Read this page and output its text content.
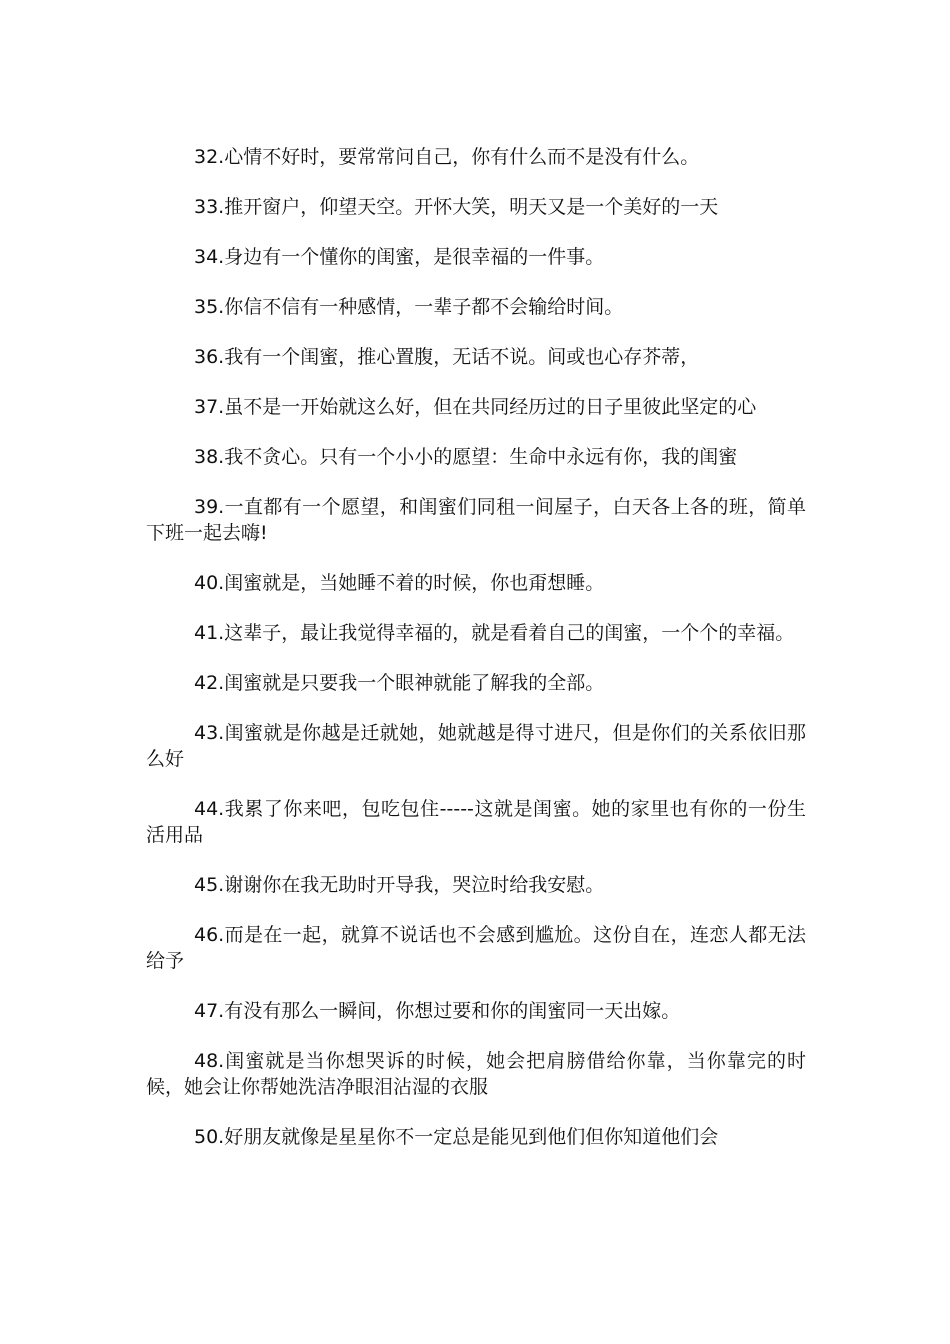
32.心情不好时，要常常问自己，你有什么而不是没有什么。

33.推开窗户，仰望天空。开怀大笑，明天又是一个美好的一天

34.身边有一个懂你的闺蜜，是很幸福的一件事。

35.你信不信有一种感情，一辈子都不会输给时间。

36.我有一个闺蜜，推心置腹，无话不说。间或也心存芥蒂，

37.虽不是一开始就这么好，但在共同经历过的日子里彼此坚定的心

38.我不贪心。只有一个小小的愿望：生命中永远有你，我的闺蜜

39.一直都有一个愿望，和闺蜜们同租一间屋子，白天各上各的班，简单下班一起去嗨!

40.闺蜜就是，当她睡不着的时候，你也甭想睡。

41.这辈子，最让我觉得幸福的，就是看着自己的闺蜜，一个个的幸福。

42.闺蜜就是只要我一个眼神就能了解我的全部。

43.闺蜜就是你越是迁就她，她就越是得寸进尺，但是你们的关系依旧那么好

44.我累了你来吧，包吃包住-----这就是闺蜜。她的家里也有你的一份生活用品

45.谢谢你在我无助时开导我，哭泣时给我安慰。

46.而是在一起，就算不说话也不会感到尴尬。这份自在，连恋人都无法给予

47.有没有那么一瞬间，你想过要和你的闺蜜同一天出嫁。

48.闺蜜就是当你想哭诉的时候，她会把肩膀借给你靠，当你靠完的时候，她会让你帮她洗洁净眼泪沾湿的衣服

50.好朋友就像是星星你不一定总是能见到他们但你知道他们会
